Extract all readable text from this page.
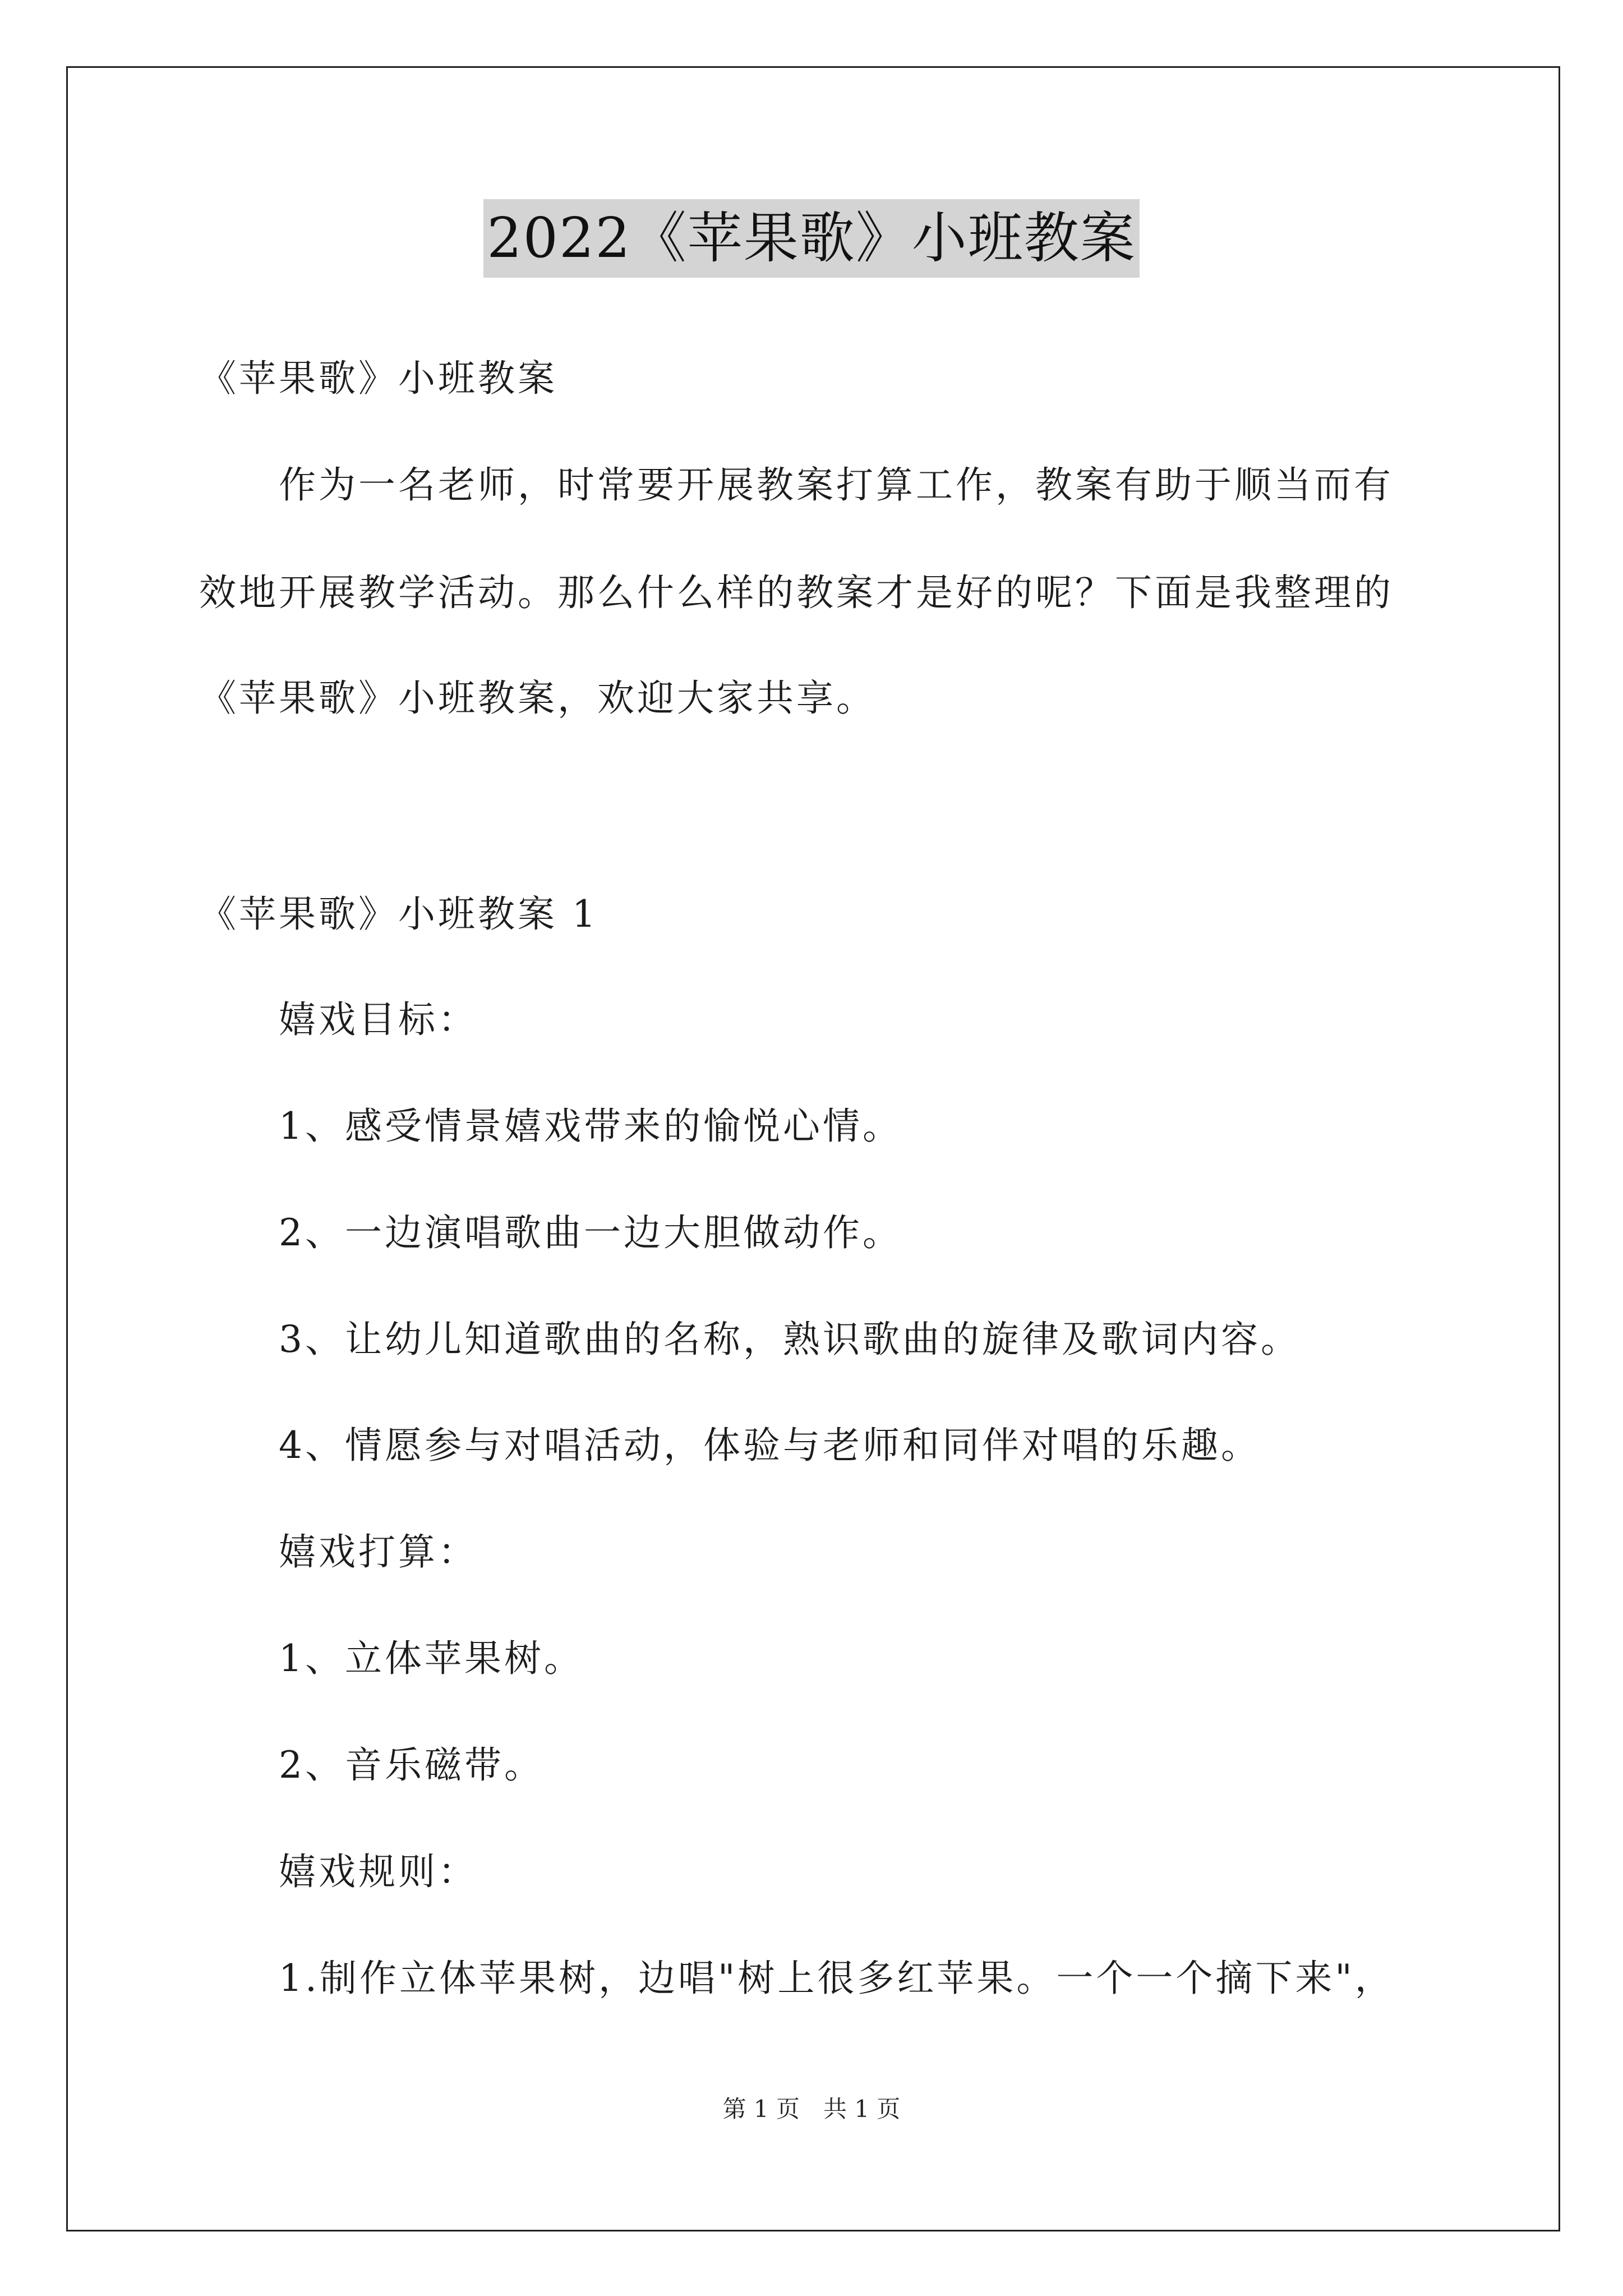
2022《苹果歌》小班教案
《苹果歌》小班教案
作为一名老师，时常要开展教案打算工作，教案有助于顺当而有
效地开展教学活动。那么什么样的教案才是好的呢？下面是我整理的
《苹果歌》小班教案，欢迎大家共享。
《苹果歌》小班教案 1
嬉戏目标：
1、感受情景嬉戏带来的愉悦心情。
2、一边演唱歌曲一边大胆做动作。
3、让幼儿知道歌曲的名称，熟识歌曲的旋律及歌词内容。
4、情愿参与对唱活动，体验与老师和同伴对唱的乐趣。
嬉戏打算：
1、立体苹果树。
2、音乐磁带。
嬉戏规则：
1.制作立体苹果树，边唱"树上很多红苹果。一个一个摘下来"，
第 1 页　共 1 页
